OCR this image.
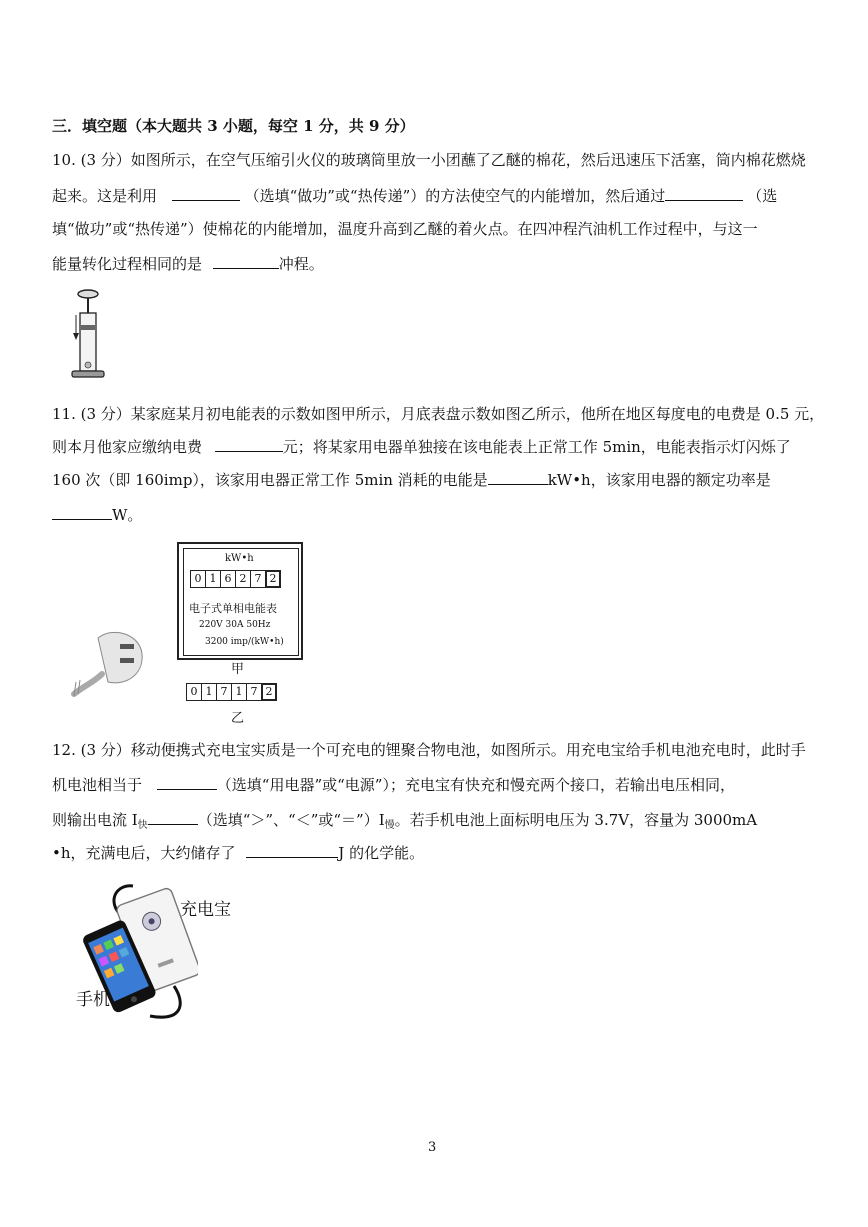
三．填空题（本大题共 3 小题，每空 1 分，共 9 分）
10. (3 分）如图所示，在空气压缩引火仪的玻璃筒里放一小团蘸了乙醚的棉花，然后迅速压下活塞，筒内棉花燃烧
起来。这是利用	（选填“做功”或“热传递”）的方法使空气的内能增加，然后通过	（选
填“做功”或“热传递”）使棉花的内能增加，温度升高到乙醚的着火点。在四冲程汽油机工作过程中，与这一
能量转化过程相同的是	冲程。
11. (3 分）某家庭某月初电能表的示数如图甲所示，月底表盘示数如图乙所示，他所在地区每度电的电费是 0.5 元，
则本月他家应缴纳电费	元；将某家用电器单独接在该电能表上正常工作 5min，电能表指示灯闪烁了
160 次（即 160imp），该家用电器正常工作 5min 消耗的电能是	kW•h，该家用电器的额定功率是
W。
kW•h
0 1 6 2 7 2
电子式单相电能表
220V 30A 50Hz
3200 imp/(kW•h)
甲
0 1 7 1 7 2
乙
12. (3 分）移动便携式充电宝实质是一个可充电的锂聚合物电池，如图所示。用充电宝给手机电池充电时，此时手
机电池相当于	（选填“用电器”或“电源”）；充电宝有快充和慢充两个接口，若输出电压相同，
则输出电流 $I_快$	（选填“＞”、“＜”或“$=”)I_慢$。若手机电池上面标明电压为 3.7V，容量为 3000mA
•h，充满电后，大约储存了	J 的化学能。
充电宝
手机
3
